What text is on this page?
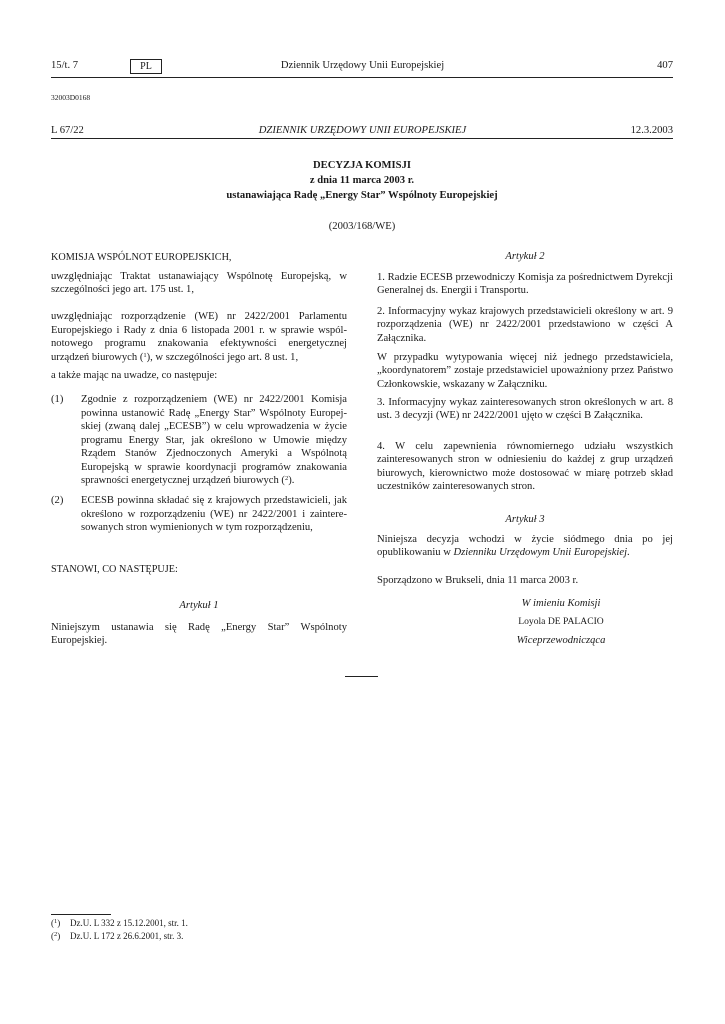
15/t. 7	PL	Dziennik Urzędowy Unii Europejskiej	407
32003D0168
L 67/22	DZIENNIK URZĘDOWY UNII EUROPEJSKIEJ	12.3.2003
DECYZJA KOMISJI
z dnia 11 marca 2003 r.
ustanawiająca Radę „Energy Star” Wspólnoty Europejskiej
(2003/168/WE)
KOMISJA WSPÓLNOT EUROPEJSKICH,
uwzględniając Traktat ustanawiający Wspólnotę Europejską, w szczególności jego art. 175 ust. 1,
uwzględniając rozporządzenie (WE) nr 2422/2001 Parlamentu
Europejskiego i Rady z dnia 6 listopada 2001 r. w sprawie wspól-
notowego programu znakowania efektywności energetycznej
urządzeń biurowych ($^1$), w szczególności jego art. 8 ust. 1,
a także mając na uwadze, co następuje:
(1)	Zgodnie z rozporządzeniem (WE) nr 2422/2001 Komisja
powinna ustanowić Radę „Energy Star” Wspólnoty Europej-
skiej (zwaną dalej „ECESB”) w celu wprowadzenia w życie
programu Energy Star, jak określono w Umowie między
Rządem Stanów Zjednoczonych Ameryki a Wspólnotą
Europejską w sprawie koordynacji programów znakowania
sprawności energetycznej urządzeń biurowych ($^2$).
(2)	ECESB powinna składać się z krajowych przedstawicieli, jak
określono w rozporządzeniu (WE) nr 2422/2001 i zaintere-
sowanych stron wymienionych w tym rozporządzeniu,
STANOWI, CO NASTĘPUJE:
Artykuł 1
Niniejszym ustanawia się Radę „Energy Star” Wspólnoty Europejskiej.
Artykuł 2
1. Radzie ECESB przewodniczy Komisja za pośrednictwem Dyrekcji Generalnej ds. Energii i Transportu.
2. Informacyjny wykaz krajowych przedstawicieli określony w art. 9 rozporządzenia (WE) nr 2422/2001 przedstawiono w części A Załącznika.
W przypadku wytypowania więcej niż jednego przedstawiciela, „koordynatorem” zostaje przedstawiciel upoważniony przez Państwo Członkowskie, wskazany w Załączniku.
3. Informacyjny wykaz zainteresowanych stron określonych w art. 8 ust. 3 decyzji (WE) nr 2422/2001 ujęto w części B Załącznika.
4. W celu zapewnienia równomiernego udziału wszystkich zainteresowanych stron w odniesieniu do każdej z grup urządzeń biurowych, kierownictwo może dostosować w miarę potrzeb skład uczestników zainteresowanych stron.
Artykuł 3
Niniejsza decyzja wchodzi w życie siódmego dnia po jej opublikowaniu w Dzienniku Urzędowym Unii Europejskiej.
Sporządzono w Brukseli, dnia 11 marca 2003 r.
W imieniu Komisji
Loyola DE PALACIO
Wiceprzewodnicząca
($^1$) Dz.U. L 332 z 15.12.2001, str. 1.
($^2$) Dz.U. L 172 z 26.6.2001, str. 3.
